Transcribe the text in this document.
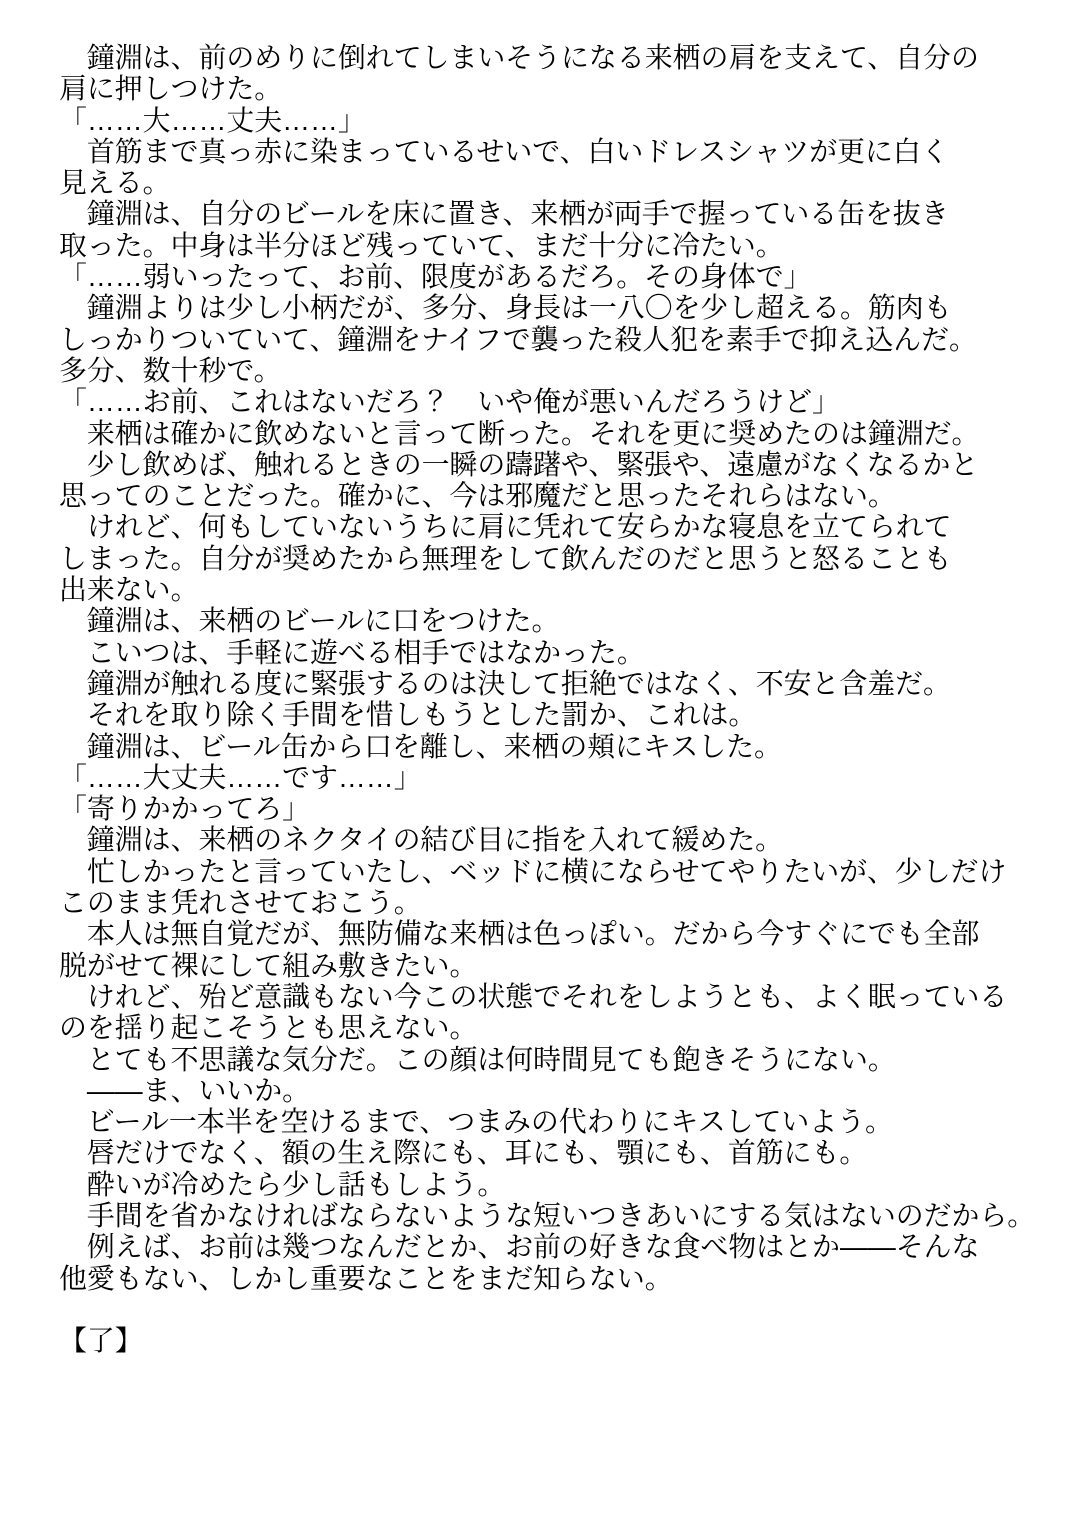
　鐘淵は、前のめりに倒れてしまいそうになる来栖の肩を支えて、自分の
肩に押しつけた。
「……大……丈夫……」
　首筋まで真っ赤に染まっているせいで、白いドレスシャツが更に白く
見える。
　鐘淵は、自分のビールを床に置き、来栖が両手で握っている缶を抜き
取った。中身は半分ほど残っていて、まだ十分に冷たい。
「……弱いったって、お前、限度があるだろ。その身体で」
　鐘淵よりは少し小柄だが、多分、身長は一八〇を少し超える。筋肉も
しっかりついていて、鐘淵をナイフで襲った殺人犯を素手で抑え込んだ。
多分、数十秒で。
「……お前、これはないだろ？　いや俺が悪いんだろうけど」
　来栖は確かに飲めないと言って断った。それを更に奨めたのは鐘淵だ。
　少し飲めば、触れるときの一瞬の躊躇や、緊張や、遠慮がなくなるかと
思ってのことだった。確かに、今は邪魔だと思ったそれらはない。
　けれど、何もしていないうちに肩に凭れて安らかな寝息を立てられて
しまった。自分が奨めたから無理をして飲んだのだと思うと怒ることも
出来ない。
　鐘淵は、来栖のビールに口をつけた。
　こいつは、手軽に遊べる相手ではなかった。
　鐘淵が触れる度に緊張するのは決して拒絶ではなく、不安と含羞だ。
　それを取り除く手間を惜しもうとした罰か、これは。
　鐘淵は、ビール缶から口を離し、来栖の頬にキスした。
「……大丈夫……です……」
「寄りかかってろ」
　鐘淵は、来栖のネクタイの結び目に指を入れて緩めた。
　忙しかったと言っていたし、ベッドに横にならせてやりたいが、少しだけ
このまま凭れさせておこう。
　本人は無自覚だが、無防備な来栖は色っぽい。だから今すぐにでも全部
脱がせて裸にして組み敷きたい。
　けれど、殆ど意識もない今この状態でそれをしようとも、よく眠っている
のを揺り起こそうとも思えない。
　とても不思議な気分だ。この顔は何時間見ても飽きそうにない。
　——ま、いいか。
　ビール一本半を空けるまで、つまみの代わりにキスしていよう。
　唇だけでなく、額の生え際にも、耳にも、顎にも、首筋にも。
　酔いが冷めたら少し話もしよう。
　手間を省かなければならないような短いつきあいにする気はないのだから。
　例えば、お前は幾つなんだとか、お前の好きな食べ物はとか——そんな
他愛もない、しかし重要なことをまだ知らない。
【了】
